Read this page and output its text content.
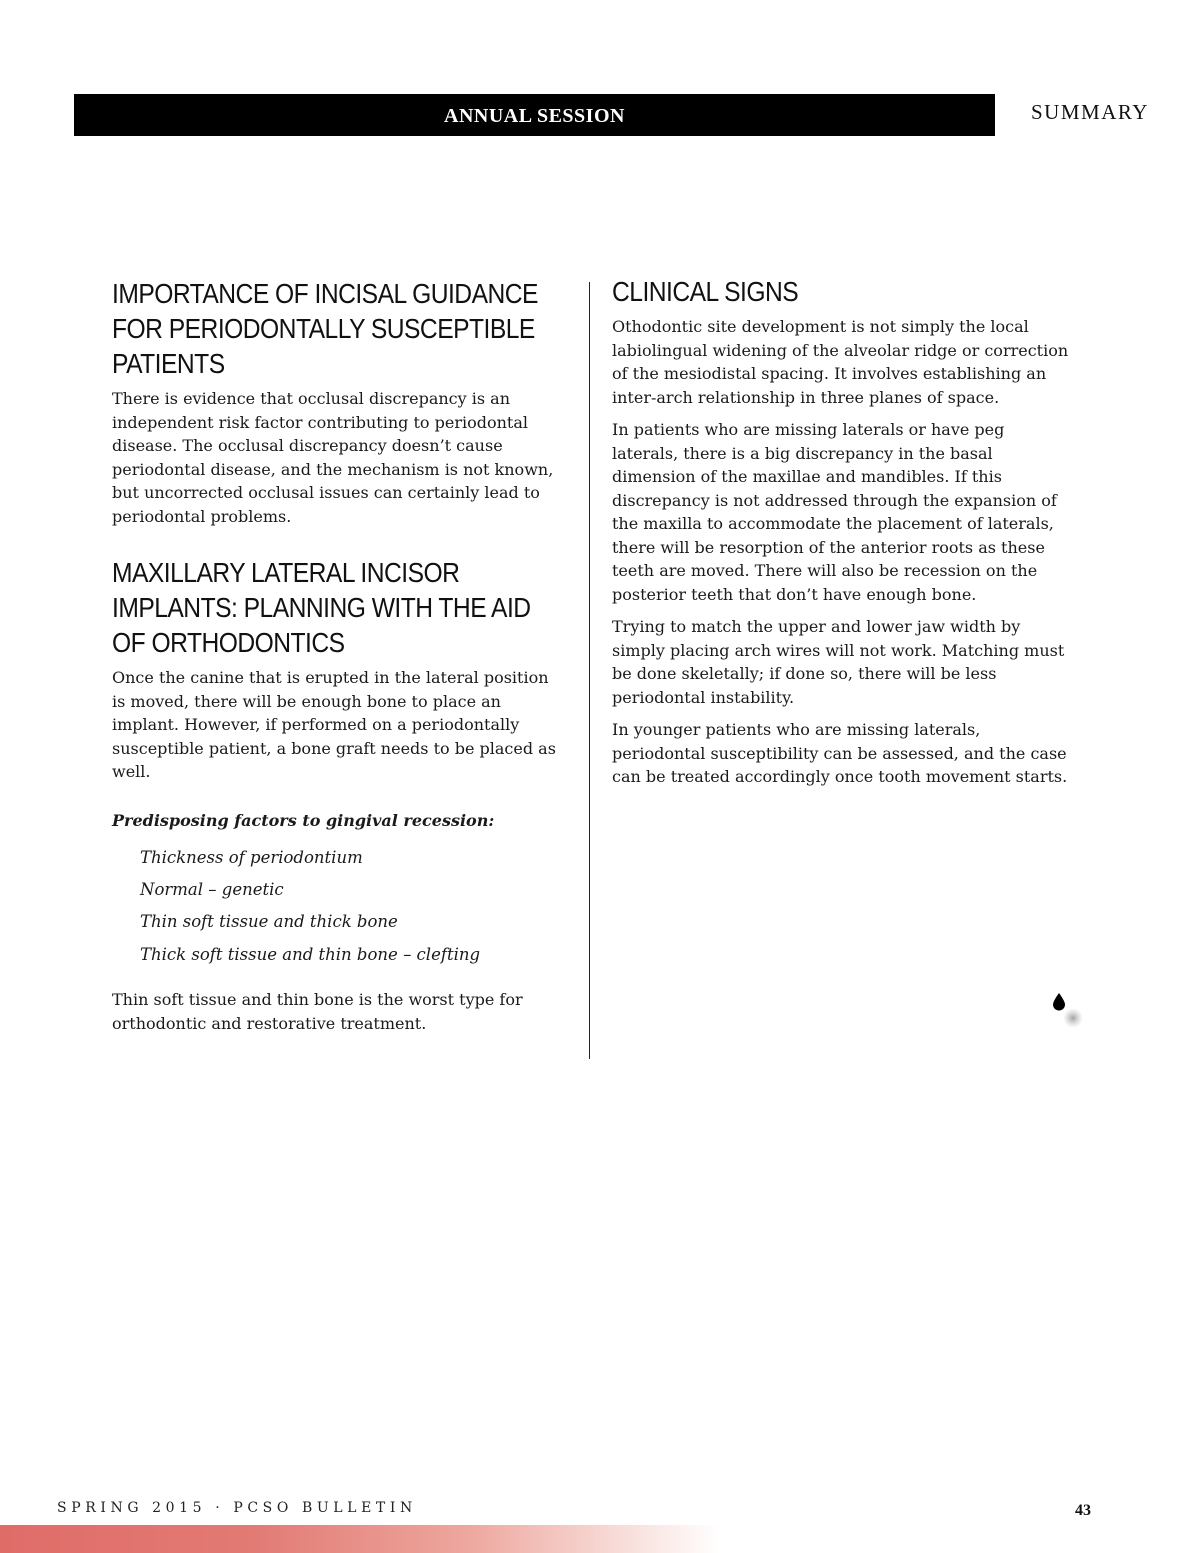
ANNUAL SESSION	SUMMARY
IMPORTANCE OF INCISAL GUIDANCE FOR PERIODONTALLY SUSCEPTIBLE PATIENTS

There is evidence that occlusal discrepancy is an independent risk factor contributing to periodontal disease. The occlusal discrepancy doesn’t cause periodontal disease, and the mechanism is not known, but uncorrected occlusal issues can certainly lead to periodontal problems.

MAXILLARY LATERAL INCISOR IMPLANTS: PLANNING WITH THE AID OF ORTHODONTICS

Once the canine that is erupted in the lateral position is moved, there will be enough bone to place an implant. However, if performed on a periodontally susceptible patient, a bone graft needs to be placed as well.

Predisposing factors to gingival recession:
Thickness of periodontium
Normal – genetic
Thin soft tissue and thick bone
Thick soft tissue and thin bone – clefting

Thin soft tissue and thin bone is the worst type for orthodontic and restorative treatment.

CLINICAL SIGNS

Othodontic site development is not simply the local labiolingual widening of the alveolar ridge or correction of the mesiodistal spacing. It involves establishing an inter-arch relationship in three planes of space.

In patients who are missing laterals or have peg laterals, there is a big discrepancy in the basal dimension of the maxillae and mandibles. If this discrepancy is not addressed through the expansion of the maxilla to accommodate the placement of laterals, there will be resorption of the anterior roots as these teeth are moved. There will also be recession on the posterior teeth that don’t have enough bone.

Trying to match the upper and lower jaw width by simply placing arch wires will not work. Matching must be done skeletally; if done so, there will be less periodontal instability.

In younger patients who are missing laterals, periodontal susceptibility can be assessed, and the case can be treated accordingly once tooth movement starts.

SPRING 2015 · PCSO BULLETIN	43
